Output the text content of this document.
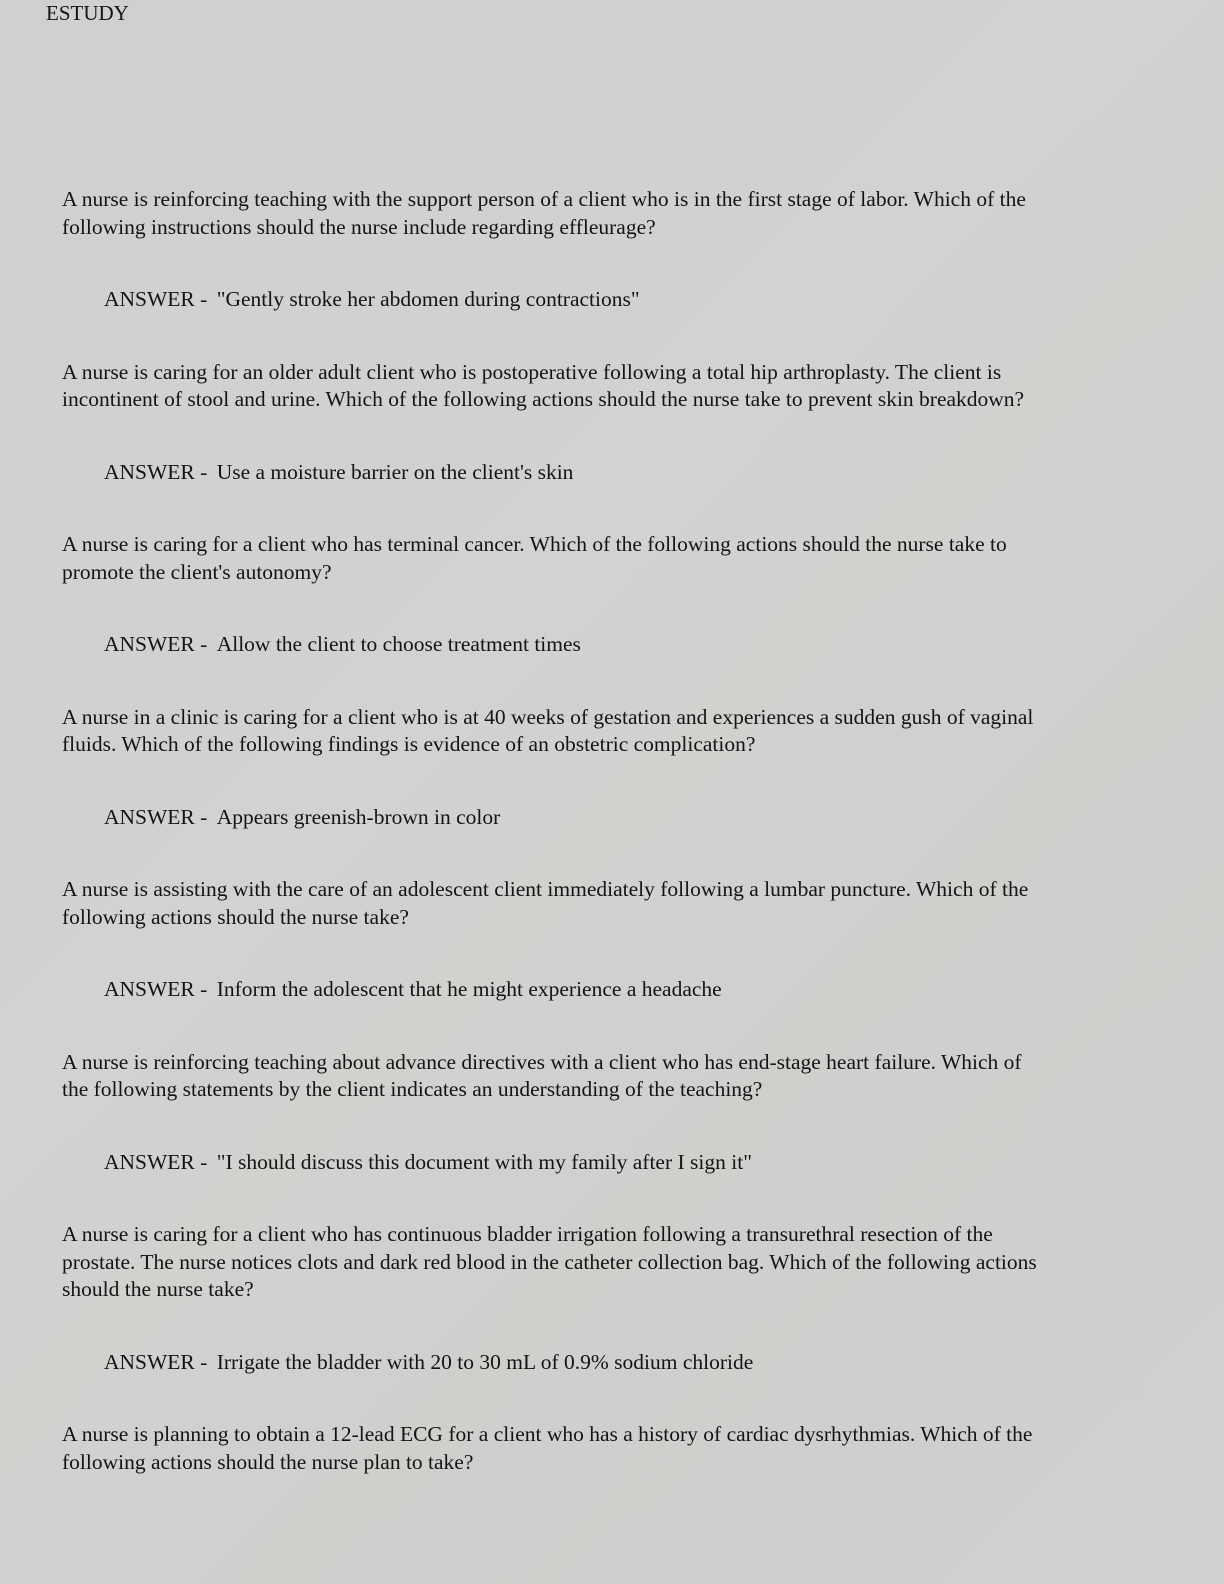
ESTUDY

A nurse is reinforcing teaching with the support person of a client who is in the first stage of labor. Which of the following instructions should the nurse include regarding effleurage?

ANSWER - "Gently stroke her abdomen during contractions"

A nurse is caring for an older adult client who is postoperative following a total hip arthroplasty. The client is incontinent of stool and urine. Which of the following actions should the nurse take to prevent skin breakdown?

ANSWER - Use a moisture barrier on the client's skin

A nurse is caring for a client who has terminal cancer. Which of the following actions should the nurse take to promote the client's autonomy?

ANSWER - Allow the client to choose treatment times

A nurse in a clinic is caring for a client who is at 40 weeks of gestation and experiences a sudden gush of vaginal fluids. Which of the following findings is evidence of an obstetric complication?

ANSWER - Appears greenish-brown in color

A nurse is assisting with the care of an adolescent client immediately following a lumbar puncture. Which of the following actions should the nurse take?

ANSWER - Inform the adolescent that he might experience a headache

A nurse is reinforcing teaching about advance directives with a client who has end-stage heart failure. Which of the following statements by the client indicates an understanding of the teaching?

ANSWER - "I should discuss this document with my family after I sign it"

A nurse is caring for a client who has continuous bladder irrigation following a transurethral resection of the prostate. The nurse notices clots and dark red blood in the catheter collection bag. Which of the following actions should the nurse take?

ANSWER - Irrigate the bladder with 20 to 30 mL of 0.9% sodium chloride

A nurse is planning to obtain a 12-lead ECG for a client who has a history of cardiac dysrhythmias. Which of the following actions should the nurse plan to take?
